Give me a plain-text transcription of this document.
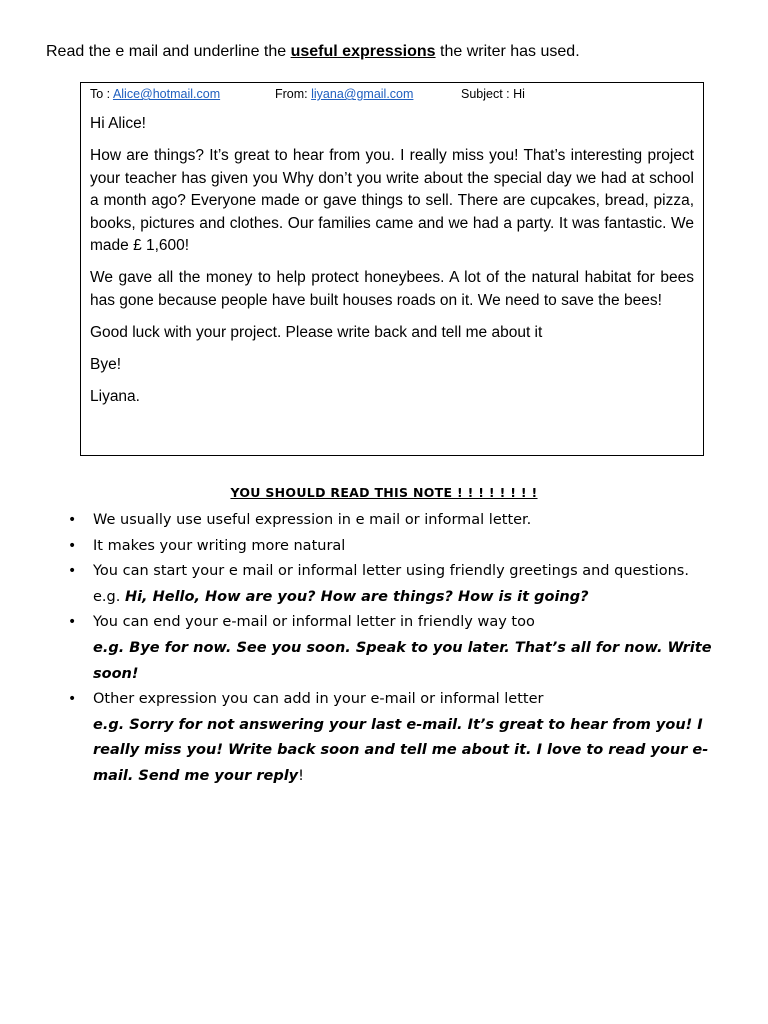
Read the e mail and underline the useful expressions the writer has used.
To : Alice@hotmail.com	From: liyana@gmail.com	Subject : Hi

Hi Alice!

How are things? It’s great to hear from you. I really miss you! That’s interesting project your teacher has given you Why don’t you write about the special day we had at school a month ago? Everyone made or gave things to sell. There are cupcakes, bread, pizza, books, pictures and clothes. Our families came and we had a party. It was fantastic. We made £ 1,600!

We gave all the money to help protect honeybees. A lot of the natural habitat for bees has gone because people have built houses roads on it. We need to save the bees!

Good luck with your project. Please write back and tell me about it

Bye!

Liyana.

YOU SHOULD READ THIS NOTE ! ! ! ! ! ! ! !
• We usually use useful expression in e mail or informal letter.
• It makes your writing more natural
• You can start your e mail or informal letter using friendly greetings and questions.
e.g. Hi, Hello, How are you? How are things? How is it going?
• You can end your e-mail or informal letter in friendly way too
e.g. Bye for now. See you soon. Speak to you later. That’s all for now. Write soon!
• Other expression you can add in your e-mail or informal letter
e.g. Sorry for not answering your last e-mail. It’s great to hear from you! I really miss you! Write back soon and tell me about it. I love to read your e-mail. Send me your reply!
